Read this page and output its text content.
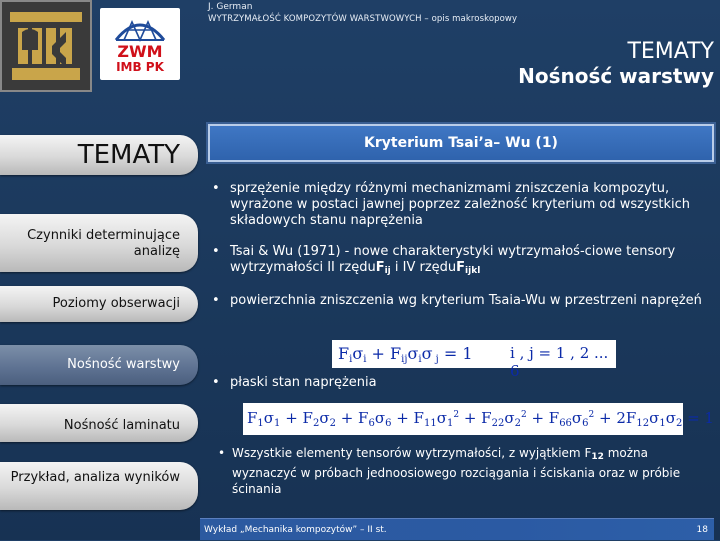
J. German
WYTRZYMAŁOŚĆ KOMPOZYTÓW WARSTWOWYCH – opis makroskopowy
ZWM
IMB PK
TEMATY
Nośność warstwy
TEMATY
Czynniki determinujące analizę
Poziomy obserwacji
Nośność warstwy
Nośność laminatu
Przykład, analiza wyników
Kryterium Tsai’a– Wu (1)
• sprzężenie między różnymi mechanizmami zniszczenia kompozytu, wyrażone w postaci jawnej poprzez zależność kryterium od wszystkich składowych stanu naprężenia
• Tsai & Wu (1971) - nowe charakterystyki wytrzymałoś-ciowe tensory wytrzymałości II rzęduF$_{ij}$ i IV rzęduF$_{ijkl}$
• powierzchnia zniszczenia wg kryterium Tsaia-Wu w przestrzeni naprężeń
$F_i\sigma_i + F_{ij}\sigma_i\sigma$ $_j$ = 1 i , j = 1 , 2 ... 6
• płaski stan naprężenia
$F_1\sigma_1 + F_2\sigma_2 + F_6\sigma_6 + F_{11}\sigma_1^2 + F_{22}\sigma_2^2 + F_{66}\sigma_6^2 + 2F_{12}\sigma_1\sigma_2 = 1$
• Wszystkie elementy tensorów wytrzymałości, z wyjątkiem $F_{12}$ można wyznaczyć w próbach jednoosiowego rozciągania i ściskania oraz w próbie ścinania
Wykład „Mechanika kompozytów” – II st.	18
